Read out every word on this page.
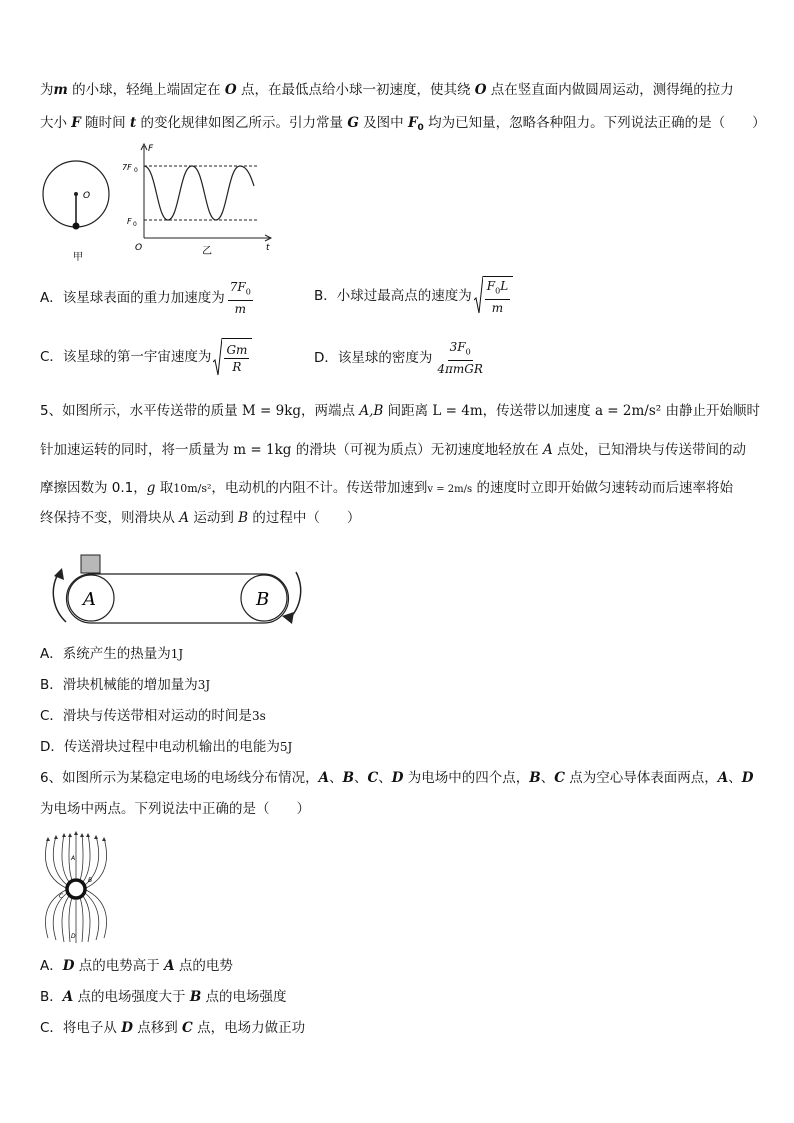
为m 的小球，轻绳上端固定在 O 点，在最低点给小球一初速度，使其绕 O 点在竖直面内做圆周运动，测得绳的拉力
大小 F 随时间 t 的变化规律如图乙所示。引力常量 G 及图中 $F_0$ 均为已知量，忽略各种阻力。下列说法正确的是（　　）
O
甲
F
7F 0
F 0
O	乙	t
A．该星球表面的重力加速度为 $\frac{7F_0}{m}$	B．小球过最高点的速度为 $\frac{F_0L}{m}$
C．该星球的第一宇宙速度为 $\frac{Gm}{R}$	D．该星球的密度为 $\frac{3F_0}{\text{4πmGR}}$
5、如图所示，水平传送带的质量 M = 9kg，两端点 A,B 间距离 L = 4m，传送带以加速度 a = 2m/s² 由静止开始顺时
针加速运转的同时，将一质量为 m = 1kg 的滑块（可视为质点）无初速度地轻放在 A 点处，已知滑块与传送带间的动
摩擦因数为 0.1，g 取10m/s²，电动机的内阻不计。传送带加速到v = 2m/s 的速度时立即开始做匀速转动而后速率将始
终保持不变，则滑块从 A 运动到 B 的过程中（　　）
A	B
A．系统产生的热量为1J
B．滑块机械能的增加量为3J
C．滑块与传送带相对运动的时间是3s
D．传送滑块过程中电动机输出的电能为5J
6、如图所示为某稳定电场的电场线分布情况，A、B、C、D 为电场中的四个点，B、C 点为空心导体表面两点，A、D
为电场中两点。下列说法中正确的是（　　）
A
B
C
D
A．D 点的电势高于 A 点的电势
B．A 点的电场强度大于 B 点的电场强度
C．将电子从 D 点移到 C 点，电场力做正功
